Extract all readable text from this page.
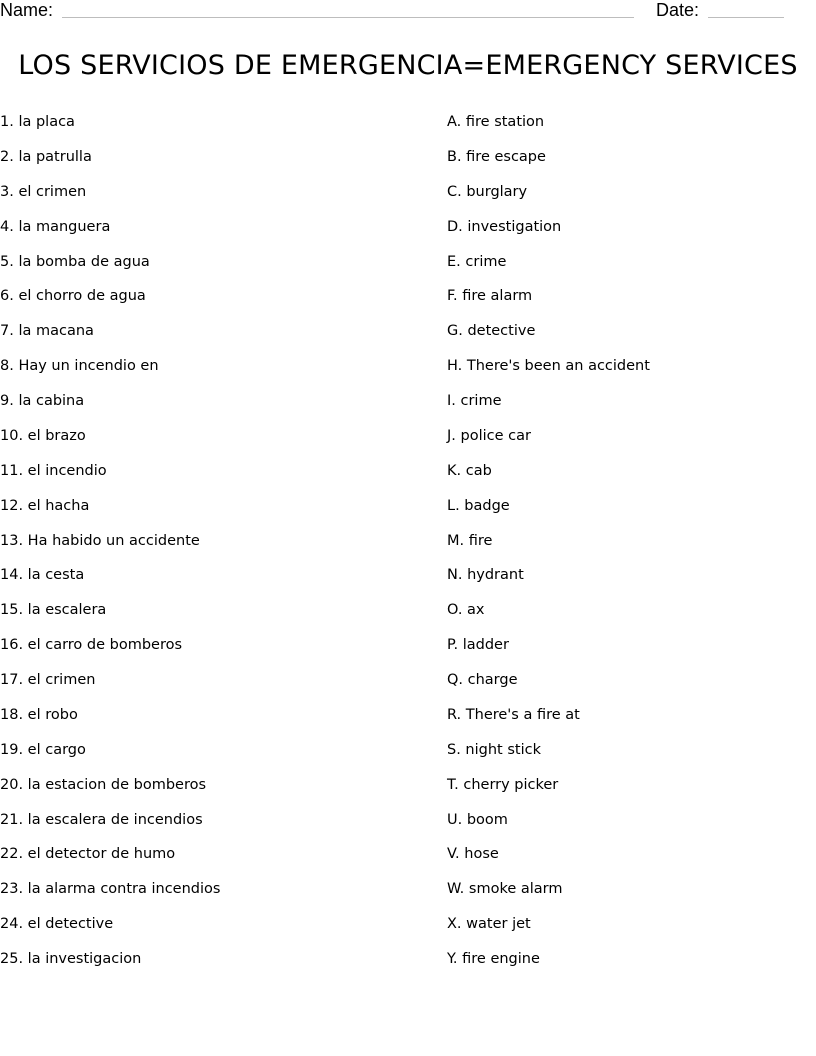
Name:	Date:
LOS SERVICIOS DE EMERGENCIA=EMERGENCY SERVICES
1. la placa
2. la patrulla
3. el crimen
4. la manguera
5. la bomba de agua
6. el chorro de agua
7. la macana
8. Hay un incendio en
9. la cabina
10. el brazo
11. el incendio
12. el hacha
13. Ha habido un accidente
14. la cesta
15. la escalera
16. el carro de bomberos
17. el crimen
18. el robo
19. el cargo
20. la estacion de bomberos
21. la escalera de incendios
22. el detector de humo
23. la alarma contra incendios
24. el detective
25. la investigacion
A. fire station
B. fire escape
C. burglary
D. investigation
E. crime
F. fire alarm
G. detective
H. There's been an accident
I. crime
J. police car
K. cab
L. badge
M. fire
N. hydrant
O. ax
P. ladder
Q. charge
R. There's a fire at
S. night stick
T. cherry picker
U. boom
V. hose
W. smoke alarm
X. water jet
Y. fire engine
